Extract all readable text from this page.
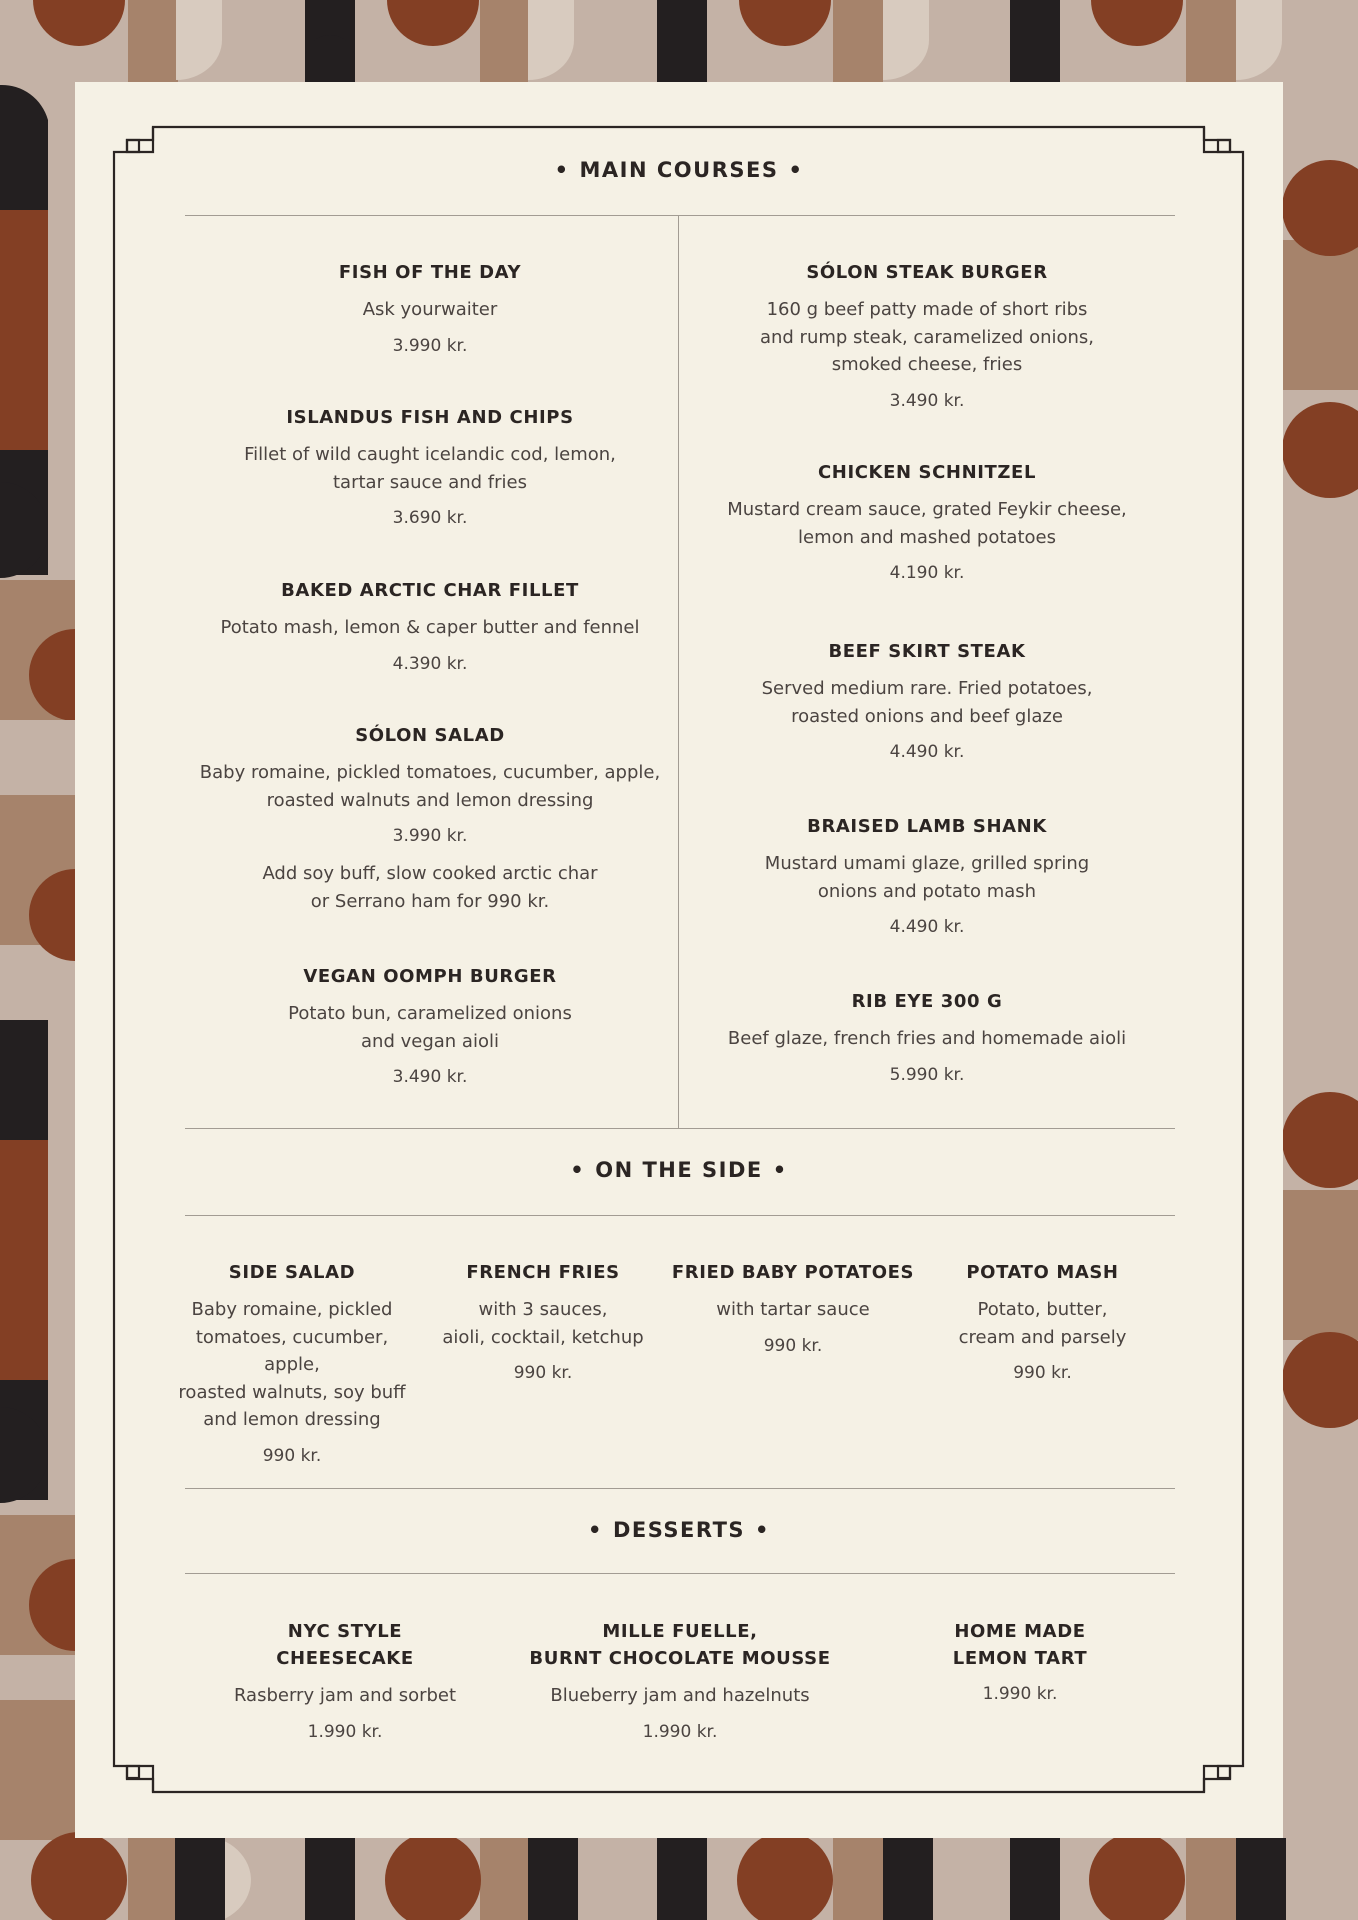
• MAIN COURSES •
FISH OF THE DAY
Ask yourwaiter
3.990 kr.
ISLANDUS FISH AND CHIPS
Fillet of wild caught icelandic cod, lemon,
tartar sauce and fries
3.690 kr.
BAKED ARCTIC CHAR FILLET
Potato mash, lemon & caper butter and fennel
4.390 kr.
SÓLON SALAD
Baby romaine, pickled tomatoes, cucumber, apple,
roasted walnuts and lemon dressing
3.990 kr.
Add soy buff, slow cooked arctic char
or Serrano ham for 990 kr.
VEGAN OOMPH BURGER
Potato bun, caramelized onions
and vegan aioli
3.490 kr.
SÓLON STEAK BURGER
160 g beef patty made of short ribs
and rump steak, caramelized onions,
smoked cheese, fries
3.490 kr.
CHICKEN SCHNITZEL
Mustard cream sauce, grated Feykir cheese,
lemon and mashed potatoes
4.190 kr.
BEEF SKIRT STEAK
Served medium rare. Fried potatoes,
roasted onions and beef glaze
4.490 kr.
BRAISED LAMB SHANK
Mustard umami glaze, grilled spring
onions and potato mash
4.490 kr.
RIB EYE 300 G
Beef glaze, french fries and homemade aioli
5.990 kr.
• ON THE SIDE •
SIDE SALAD
Baby romaine, pickled
tomatoes, cucumber, apple,
roasted walnuts, soy buff
and lemon dressing
990 kr.
FRENCH FRIES
with 3 sauces,
aioli, cocktail, ketchup
990 kr.
FRIED BABY POTATOES
with tartar sauce
990 kr.
POTATO MASH
Potato, butter,
cream and parsely
990 kr.
• DESSERTS •
NYC STYLE
CHEESECAKE
Rasberry jam and sorbet
1.990 kr.
MILLE FUELLE,
BURNT CHOCOLATE MOUSSE
Blueberry jam and hazelnuts
1.990 kr.
HOME MADE
LEMON TART
1.990 kr.
